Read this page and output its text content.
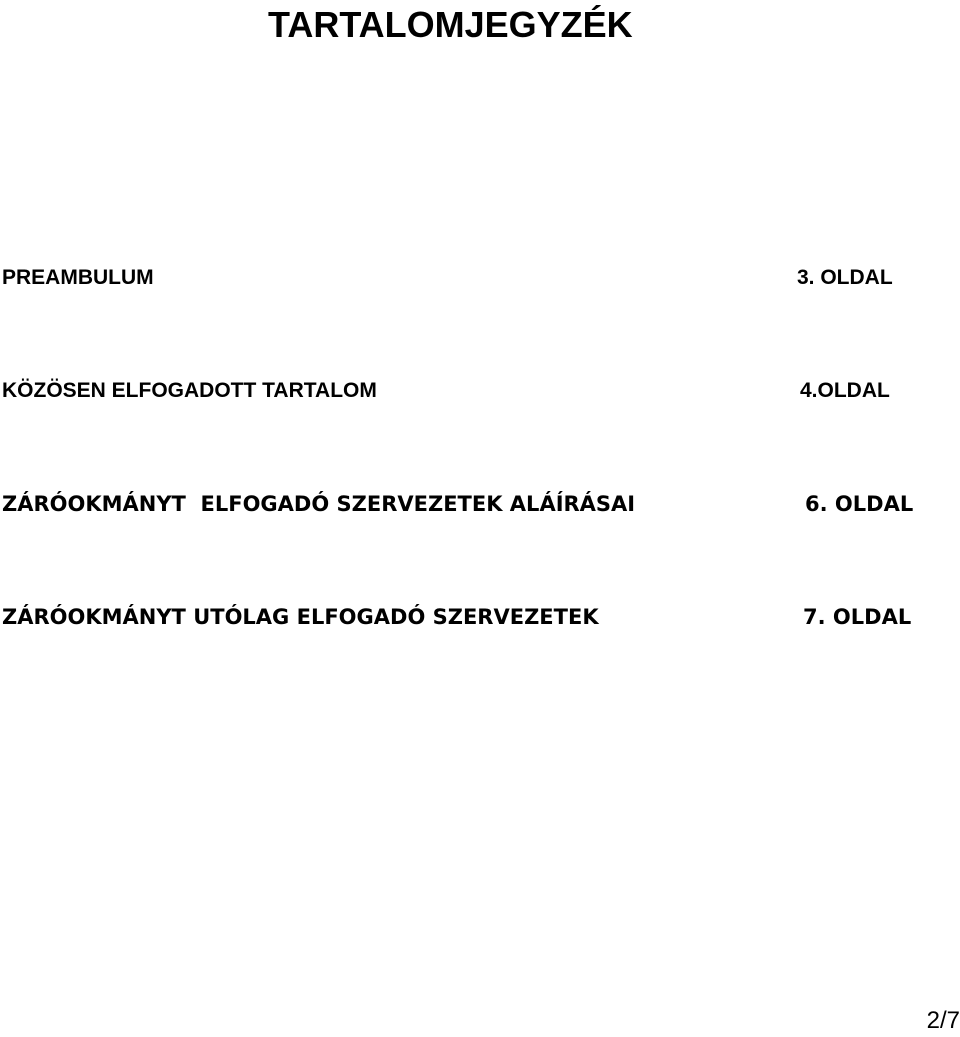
TARTALOMJEGYZÉK
PREAMBULUM	3. OLDAL
KÖZÖSEN ELFOGADOTT TARTALOM	4.OLDAL
ZÁRÓOKMÁNYT  ELFOGADÓ SZERVEZETEK ALÁÍRÁSAI	6. OLDAL
ZÁRÓOKMÁNYT UTÓLAG ELFOGADÓ SZERVEZETEK	7. OLDAL
2/7
